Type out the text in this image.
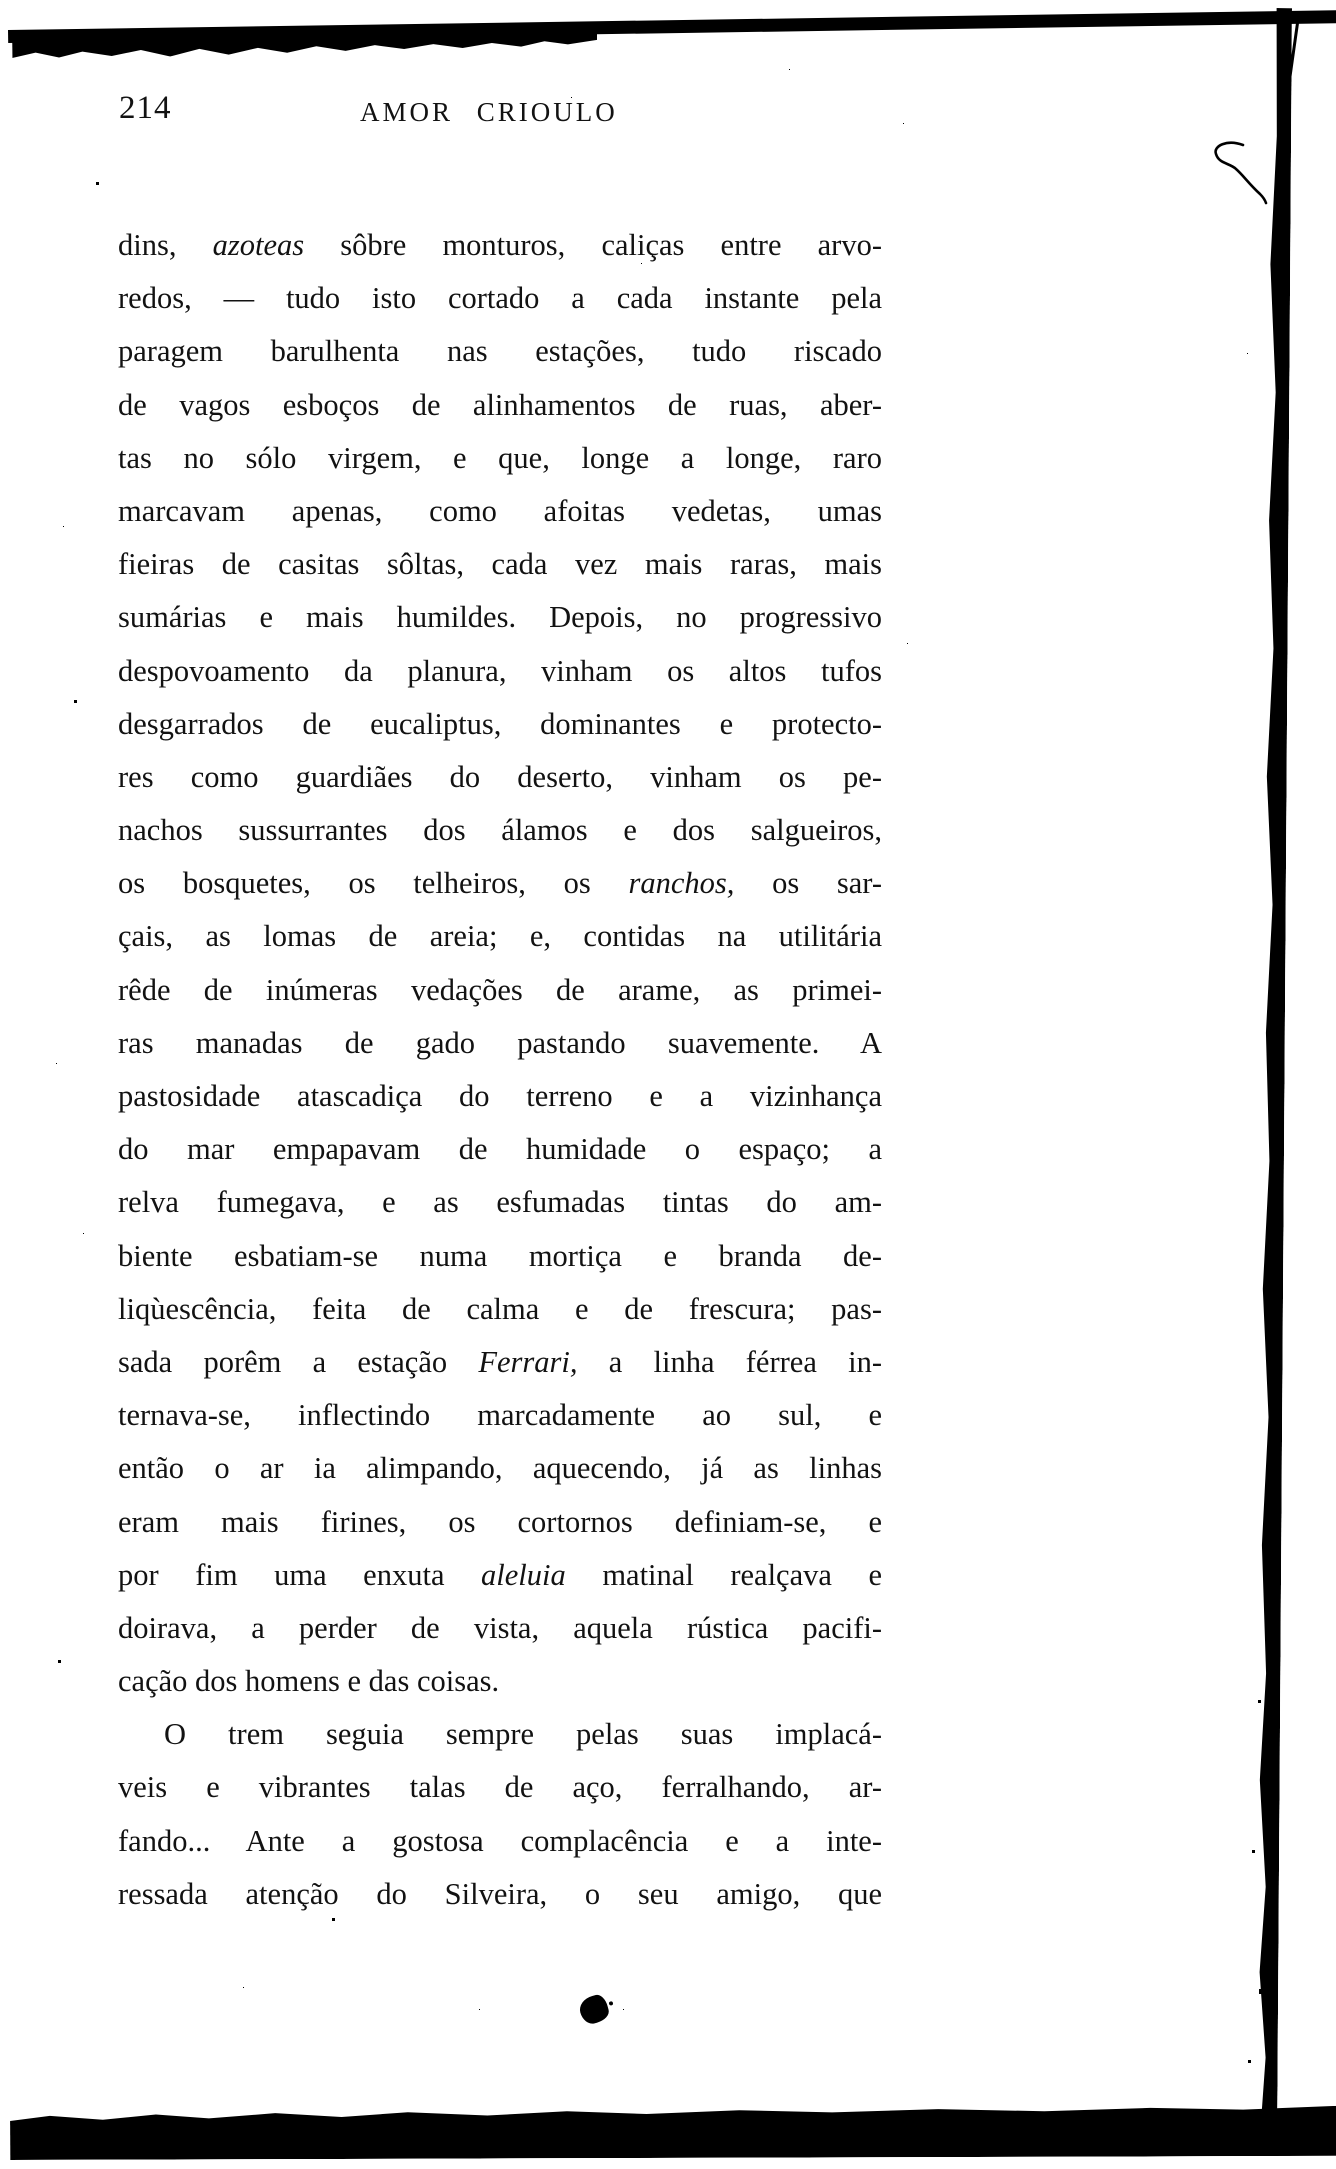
214	AMOR CRIOULO
dins, azoteas sôbre monturos, caliças entre arvo-
redos, — tudo isto cortado a cada instante pela
paragem barulhenta nas estações, tudo riscado
de vagos esboços de alinhamentos de ruas, aber-
tas no sólo virgem, e que, longe a longe, raro
marcavam apenas, como afoitas vedetas, umas
fieiras de casitas sôltas, cada vez mais raras, mais
sumárias e mais humildes. Depois, no progressivo
despovoamento da planura, vinham os altos tufos
desgarrados de eucaliptus, dominantes e protecto-
res como guardiães do deserto, vinham os pe-
nachos sussurrantes dos álamos e dos salgueiros,
os bosquetes, os telheiros, os ranchos, os sar-
çais, as lomas de areia; e, contidas na utilitária
rêde de inúmeras vedações de arame, as primei-
ras manadas de gado pastando suavemente. A
pastosidade atascadiça do terreno e a vizinhança
do mar empapavam de humidade o espaço; a
relva fumegava, e as esfumadas tintas do am-
biente esbatiam-se numa mortiça e branda de-
liqùescência, feita de calma e de frescura; pas-
sada porêm a estação Ferrari, a linha férrea in-
ternava-se, inflectindo marcadamente ao sul, e
então o ar ia alimpando, aquecendo, já as linhas
eram mais firines, os cortornos definiam-se, e
por fim uma enxuta aleluia matinal realçava e
doirava, a perder de vista, aquela rústica pacifi-
cação dos homens e das coisas.
O trem seguia sempre pelas suas implacá-
veis e vibrantes talas de aço, ferralhando, ar-
fando... Ante a gostosa complacência e a inte-
ressada atenção do Silveira, o seu amigo, que
